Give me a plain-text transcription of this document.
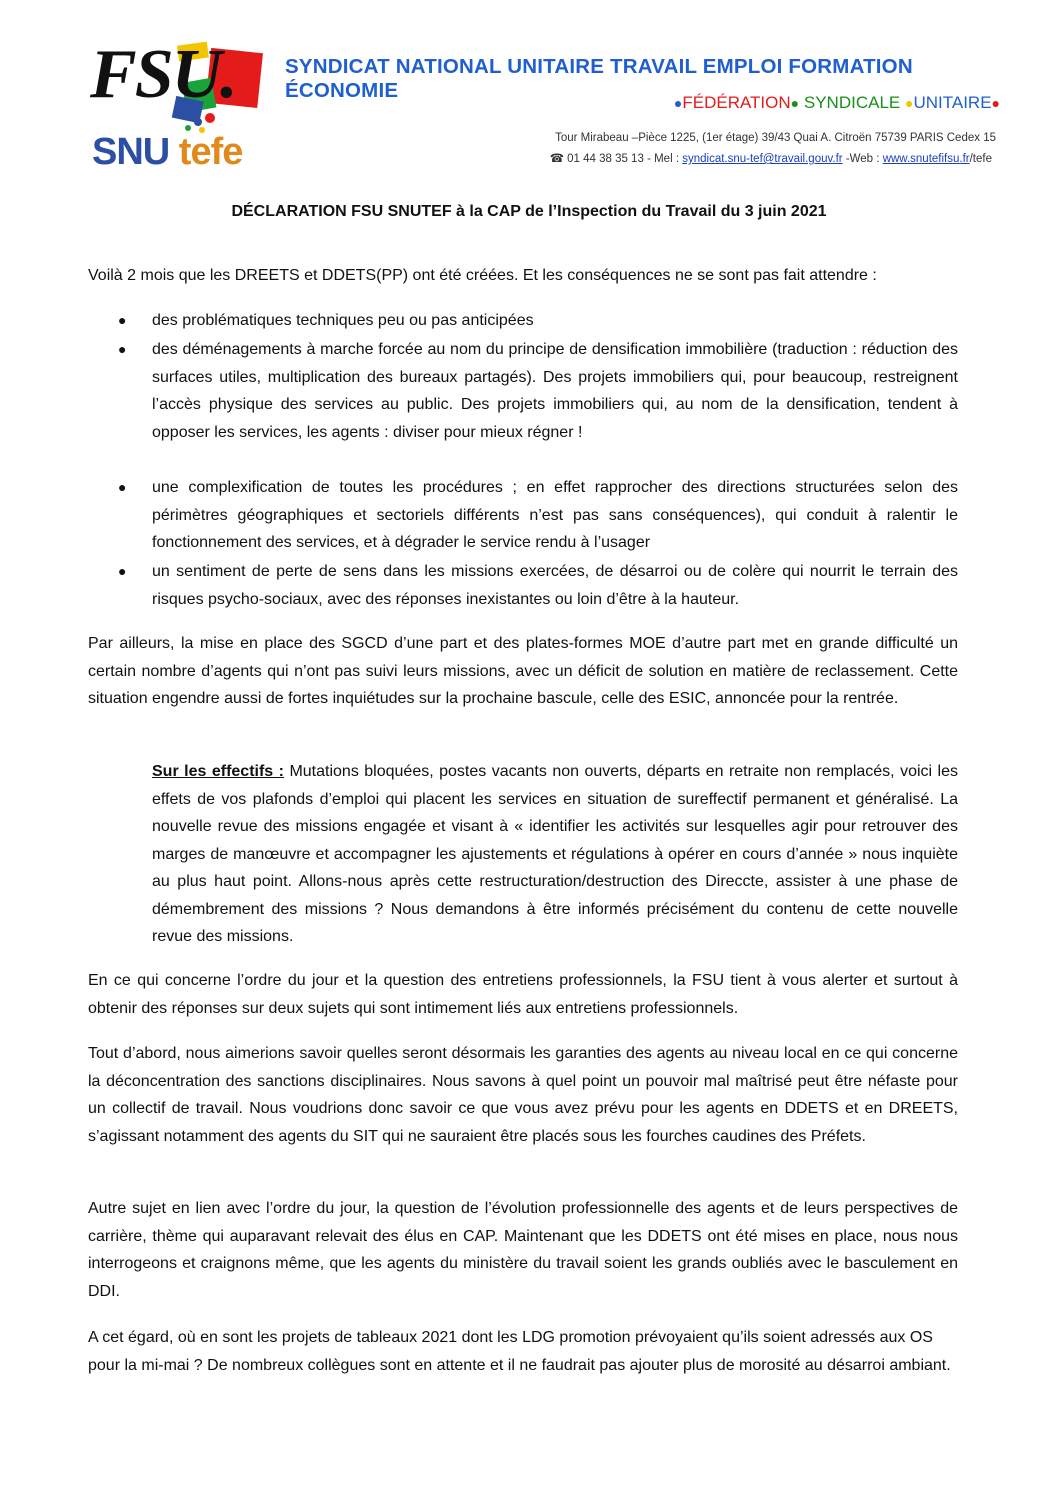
FSU.
SNU tefe
SYNDICAT NATIONAL UNITAIRE TRAVAIL EMPLOI FORMATION ÉCONOMIE
●FÉDÉRATION● SYNDICALE ●UNITAIRE●
Tour Mirabeau –Pièce 1225, (1er étage) 39/43 Quai A. Citroën 75739 PARIS Cedex 15
☎ 01 44 38 35 13 - Mel : syndicat.snu-tef@travail.gouv.fr -Web : www.snutefifsu.fr/tefe
DÉCLARATION FSU SNUTEF à la CAP de l’Inspection du Travail du 3 juin 2021
Voilà 2 mois que les DREETS et DDETS(PP) ont été créées. Et les conséquences ne se sont pas fait attendre :
● des problématiques techniques peu ou pas anticipées
● des déménagements à marche forcée au nom du principe de densification immobilière (traduction : réduction des surfaces utiles, multiplication des bureaux partagés). Des projets immobiliers qui, pour beaucoup, restreignent l’accès physique des services au public. Des projets immobiliers qui, au nom de la densification, tendent à opposer les services, les agents : diviser pour mieux régner !
● une complexification de toutes les procédures ; en effet rapprocher des directions structurées selon des périmètres géographiques et sectoriels différents n’est pas sans conséquences), qui conduit à ralentir le fonctionnement des services, et à dégrader le service rendu à l’usager
● un sentiment de perte de sens dans les missions exercées, de désarroi ou de colère qui nourrit le terrain des risques psycho-sociaux, avec des réponses inexistantes ou loin d’être à la hauteur.
Par ailleurs, la mise en place des SGCD d’une part et des plates-formes MOE d’autre part met en grande difficulté un certain nombre d’agents qui n’ont pas suivi leurs missions, avec un déficit de solution en matière de reclassement. Cette situation engendre aussi de fortes inquiétudes sur la prochaine bascule, celle des ESIC, annoncée pour la rentrée.
Sur les effectifs : Mutations bloquées, postes vacants non ouverts, départs en retraite non remplacés, voici les effets de vos plafonds d’emploi qui placent les services en situation de sureffectif permanent et généralisé. La nouvelle revue des missions engagée et visant à « identifier les activités sur lesquelles agir pour retrouver des marges de manœuvre et accompagner les ajustements et régulations à opérer en cours d’année » nous inquiète au plus haut point. Allons-nous après cette restructuration/destruction des Direccte, assister à une phase de démembrement des missions ? Nous demandons à être informés précisément du contenu de cette nouvelle revue des missions.
En ce qui concerne l’ordre du jour et la question des entretiens professionnels, la FSU tient à vous alerter et surtout à obtenir des réponses sur deux sujets qui sont intimement liés aux entretiens professionnels.
Tout d’abord, nous aimerions savoir quelles seront désormais les garanties des agents au niveau local en ce qui concerne la déconcentration des sanctions disciplinaires. Nous savons à quel point un pouvoir mal maîtrisé peut être néfaste pour un collectif de travail. Nous voudrions donc savoir ce que vous avez prévu pour les agents en DDETS et en DREETS, s’agissant notamment des agents du SIT qui ne sauraient être placés sous les fourches caudines des Préfets.
Autre sujet en lien avec l’ordre du jour, la question de l’évolution professionnelle des agents et de leurs perspectives de carrière, thème qui auparavant relevait des élus en CAP. Maintenant que les DDETS ont été mises en place, nous nous interrogeons et craignons même, que les agents du ministère du travail soient les grands oubliés avec le basculement en DDI.
A cet égard, où en sont les projets de tableaux 2021 dont les LDG promotion prévoyaient qu’ils soient adressés aux OS pour la mi-mai ? De nombreux collègues sont en attente et il ne faudrait pas ajouter plus de morosité au désarroi ambiant.
